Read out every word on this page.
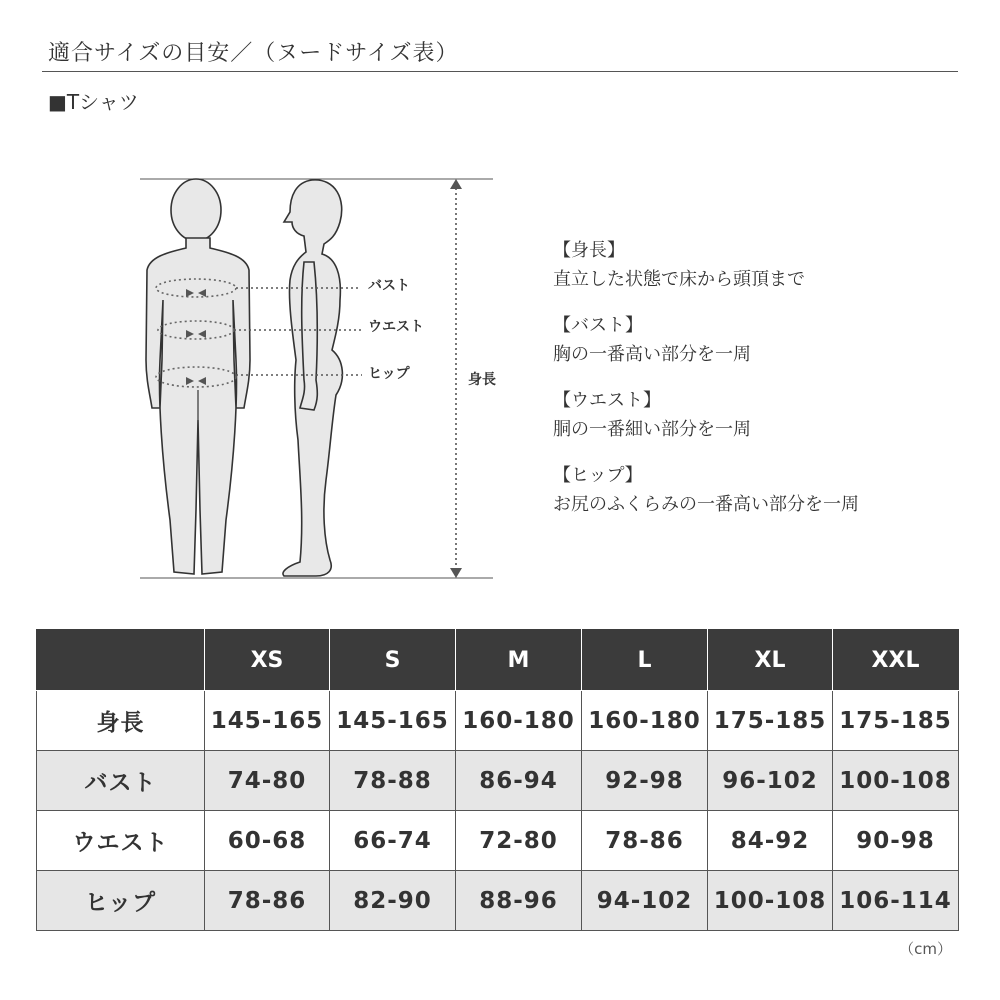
適合サイズの目安／（ヌードサイズ表）
■Tシャツ
バスト
ウエスト
ヒップ	身長
【身長】
直立した状態で床から頭頂まで
【バスト】
胸の一番高い部分を一周
【ウエスト】
胴の一番細い部分を一周
【ヒップ】
お尻のふくらみの一番高い部分を一周
	XS	S	M	L	XL	XXL
身長	145-165	145-165	160-180	160-180	175-185	175-185
バスト	74-80	78-88	86-94	92-98	96-102	100-108
ウエスト	60-68	66-74	72-80	78-86	84-92	90-98
ヒップ	78-86	82-90	88-96	94-102	100-108	106-114
（cm）
